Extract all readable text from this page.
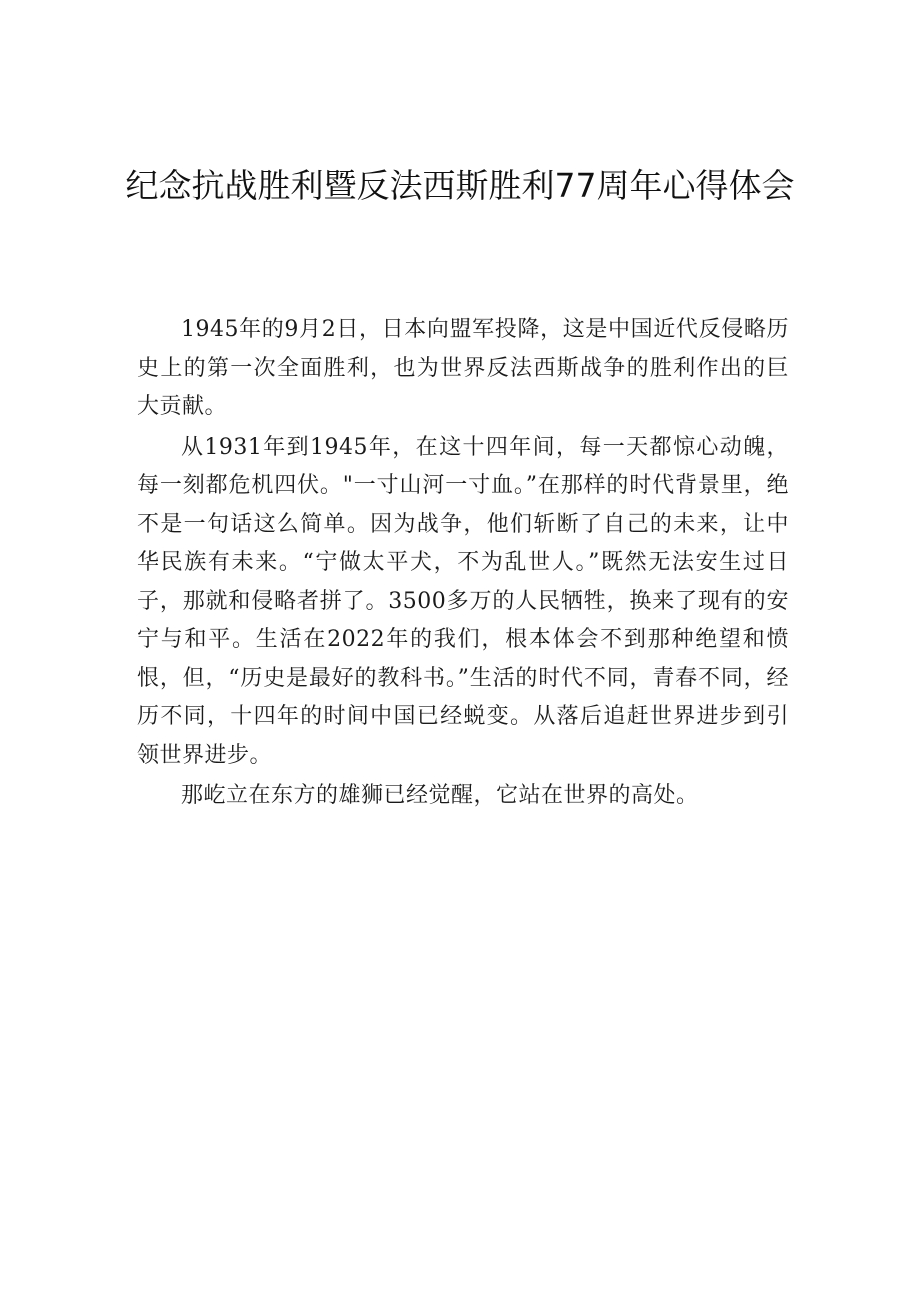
纪念抗战胜利暨反法西斯胜利77周年心得体会

1945年的9月2日，日本向盟军投降，这是中国近代反侵略历史上的第一次全面胜利，也为世界反法西斯战争的胜利作出的巨大贡献。

从1931年到1945年，在这十四年间，每一天都惊心动魄，每一刻都危机四伏。"一寸山河一寸血。”在那样的时代背景里，绝不是一句话这么简单。因为战争，他们斩断了自己的未来，让中华民族有未来。“宁做太平犬，不为乱世人。”既然无法安生过日子，那就和侵略者拼了。3500多万的人民牺牲，换来了现有的安宁与和平。生活在2022年的我们，根本体会不到那种绝望和愤恨，但，“历史是最好的教科书。”生活的时代不同，青春不同，经历不同，十四年的时间中国已经蜕变。从落后追赶世界进步到引领世界进步。

那屹立在东方的雄狮已经觉醒，它站在世界的高处。
